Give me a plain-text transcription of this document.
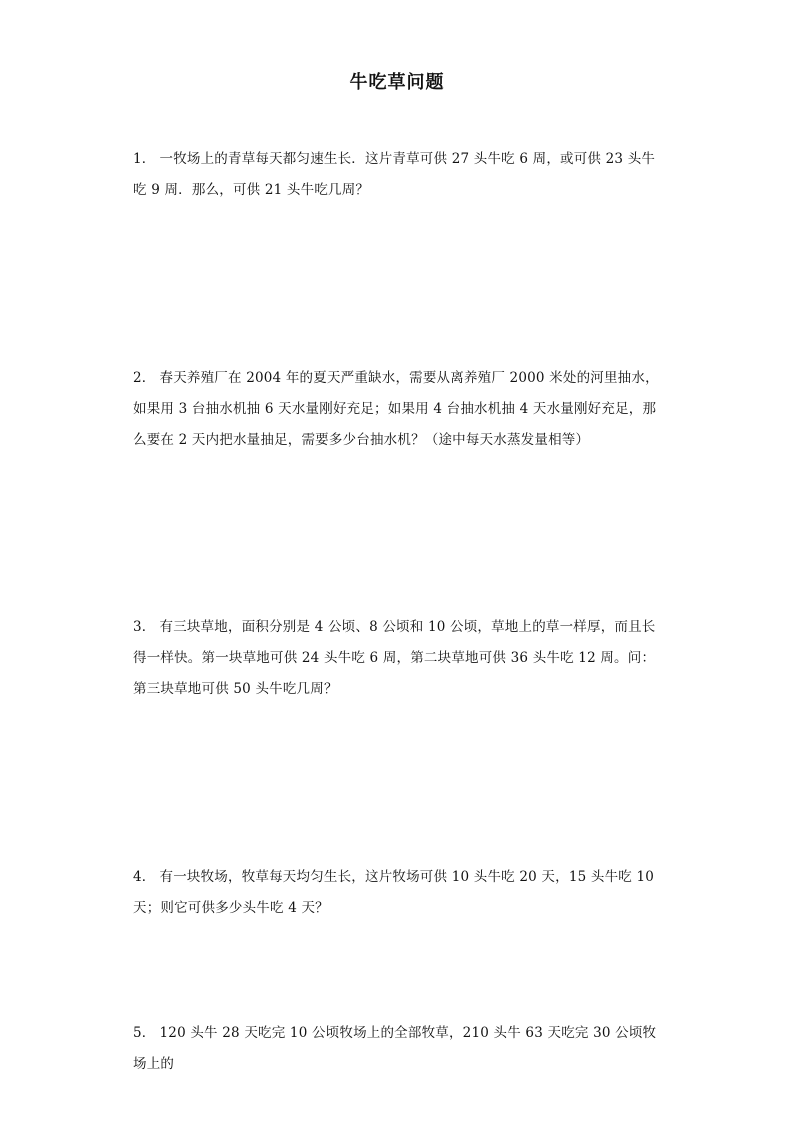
牛吃草问题
1． 一牧场上的青草每天都匀速生长．这片青草可供 27 头牛吃 6 周，或可供 23 头牛吃 9 周．那么，可供 21 头牛吃几周？
2． 春天养殖厂在 2004 年的夏天严重缺水，需要从离养殖厂 2000 米处的河里抽水，如果用 3 台抽水机抽 6 天水量刚好充足；如果用 4 台抽水机抽 4 天水量刚好充足，那么要在 2 天内把水量抽足，需要多少台抽水机？（途中每天水蒸发量相等）
3． 有三块草地，面积分别是 4 公顷、8 公顷和 10 公顷，草地上的草一样厚，而且长得一样快。第一块草地可供 24 头牛吃 6 周，第二块草地可供 36 头牛吃 12 周。问：第三块草地可供 50 头牛吃几周？
4． 有一块牧场，牧草每天均匀生长，这片牧场可供 10 头牛吃 20 天，15 头牛吃 10 天；则它可供多少头牛吃 4 天？
5． 120 头牛 28 天吃完 10 公顷牧场上的全部牧草，210 头牛 63 天吃完 30 公顷牧场上的
